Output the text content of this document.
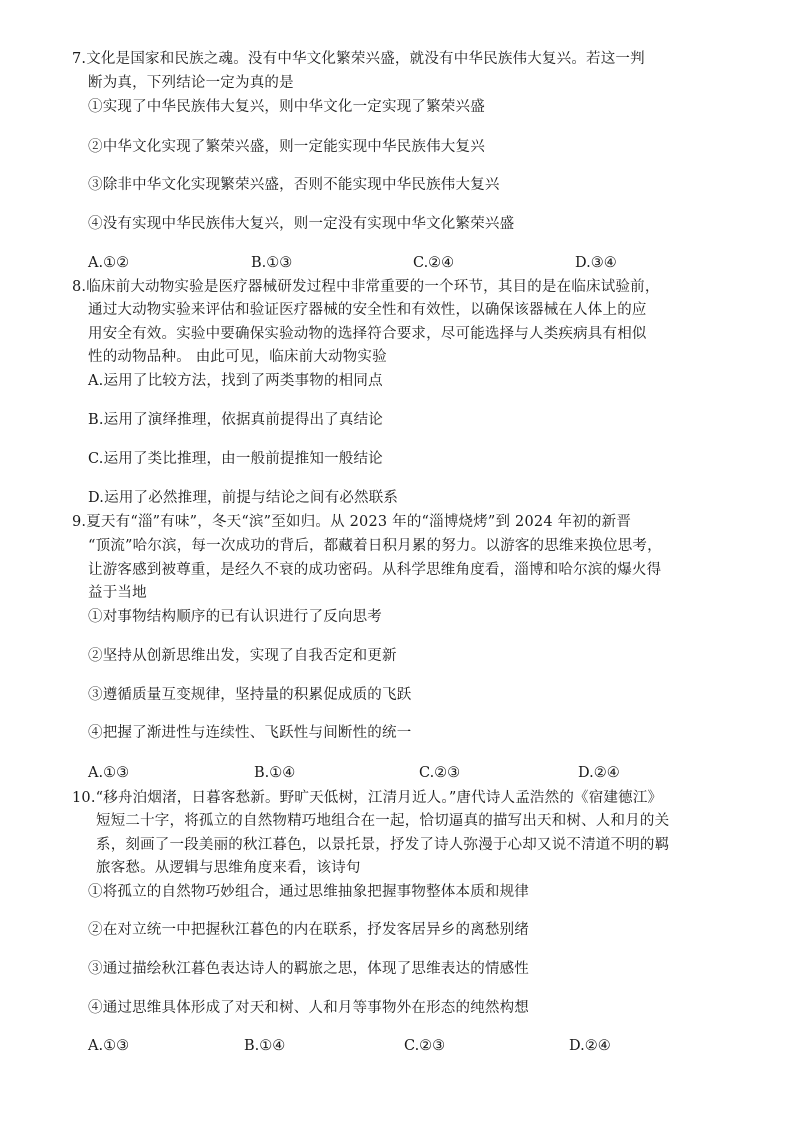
7.文化是国家和民族之魂。没有中华文化繁荣兴盛，就没有中华民族伟大复兴。若这一判
断为真，下列结论一定为真的是
①实现了中华民族伟大复兴，则中华文化一定实现了繁荣兴盛
②中华文化实现了繁荣兴盛，则一定能实现中华民族伟大复兴
③除非中华文化实现繁荣兴盛，否则不能实现中华民族伟大复兴
④没有实现中华民族伟大复兴，则一定没有实现中华文化繁荣兴盛
A.①②	B.①③	C.②④	D.③④
8.临床前大动物实验是医疗器械研发过程中非常重要的一个环节，其目的是在临床试验前，
通过大动物实验来评估和验证医疗器械的安全性和有效性，以确保该器械在人体上的应
用安全有效。实验中要确保实验动物的选择符合要求，尽可能选择与人类疾病具有相似
性的动物品种。 由此可见，临床前大动物实验
A.运用了比较方法，找到了两类事物的相同点
B.运用了演绎推理，依据真前提得出了真结论
C.运用了类比推理，由一般前提推知一般结论
D.运用了必然推理，前提与结论之间有必然联系
9.夏天有“淄”有味”，冬天“滨”至如归。从 2023 年的“淄博烧烤”到 2024 年初的新晋
“顶流”哈尔滨，每一次成功的背后，都藏着日积月累的努力。以游客的思维来换位思考，
让游客感到被尊重，是经久不衰的成功密码。从科学思维角度看，淄博和哈尔滨的爆火得
益于当地
①对事物结构顺序的已有认识进行了反向思考
②坚持从创新思维出发，实现了自我否定和更新
③遵循质量互变规律，坚持量的积累促成质的飞跃
④把握了渐进性与连续性、飞跃性与间断性的统一
A.①③	B.①④	C.②③	D.②④
10.“移舟泊烟渚，日暮客愁新。野旷天低树，江清月近人。”唐代诗人孟浩然的《宿建德江》
短短二十字，将孤立的自然物精巧地组合在一起，恰切逼真的描写出天和树、人和月的关
系，刻画了一段美丽的秋江暮色，以景托景，抒发了诗人弥漫于心却又说不清道不明的羁
旅客愁。从逻辑与思维角度来看，该诗句
①将孤立的自然物巧妙组合，通过思维抽象把握事物整体本质和规律
②在对立统一中把握秋江暮色的内在联系，抒发客居异乡的离愁别绪
③通过描绘秋江暮色表达诗人的羁旅之思，体现了思维表达的情感性
④通过思维具体形成了对天和树、人和月等事物外在形态的纯然构想
A.①③	B.①④	C.②③	D.②④
